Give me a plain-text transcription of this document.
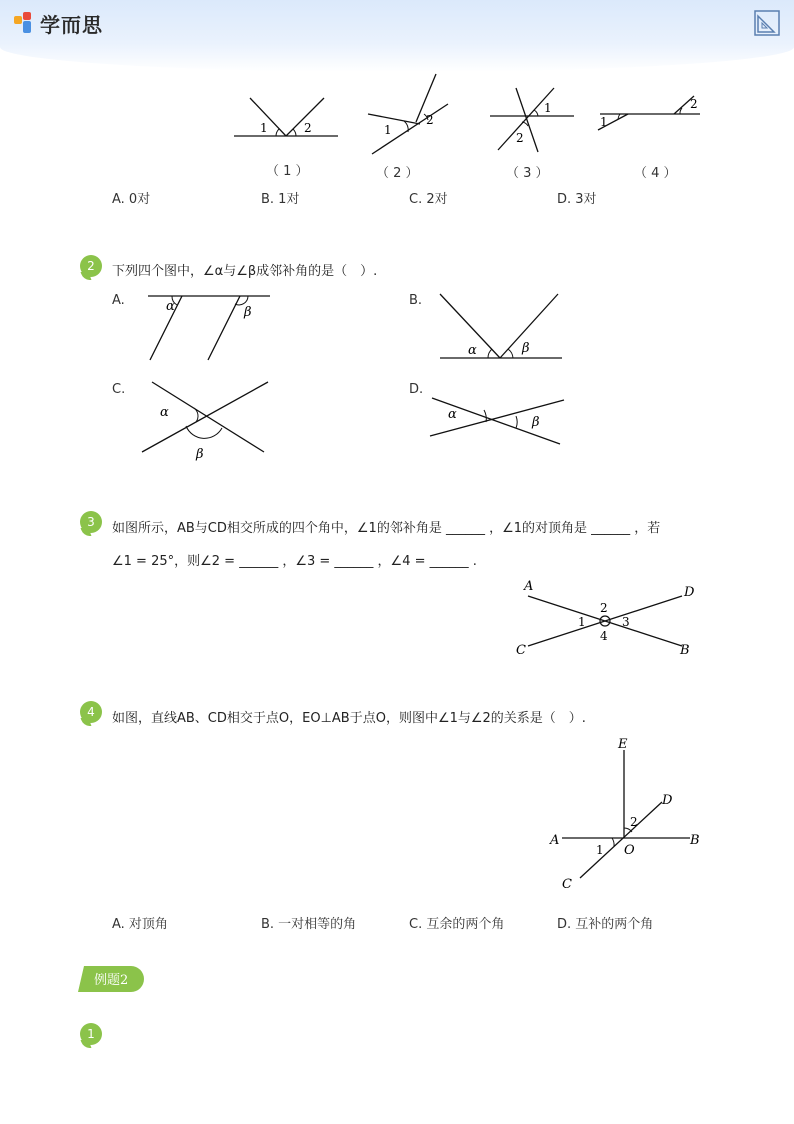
学而思
1	2
（ 1 ）
1
2
（ 2 ）
1
2
（ 3 ）
1
2
（ 4 ）
A. 0对	B. 1对	C. 2对	D. 3对
2	下列四个图中，∠α与∠β成邻补角的是（　）.
A.	α	β
B.
α	β
C.
α
β
D.
α
β
3	如图所示，AB与CD相交所成的四个角中，∠1的邻补角是 ______ ，∠1的对顶角是 ______ ，若
∠1 = 25°，则∠2 = ______ ，∠3 = ______ ，∠4 = ______ .
A	D
C	B
2
1	3
4
4	如图，直线AB、CD相交于点O，EO⊥AB于点O，则图中∠1与∠2的关系是（　）.
E
D
A	B
O
C
2
1
A. 对顶角	B. 一对相等的角	C. 互余的两个角	D. 互补的两个角
例题2
1
